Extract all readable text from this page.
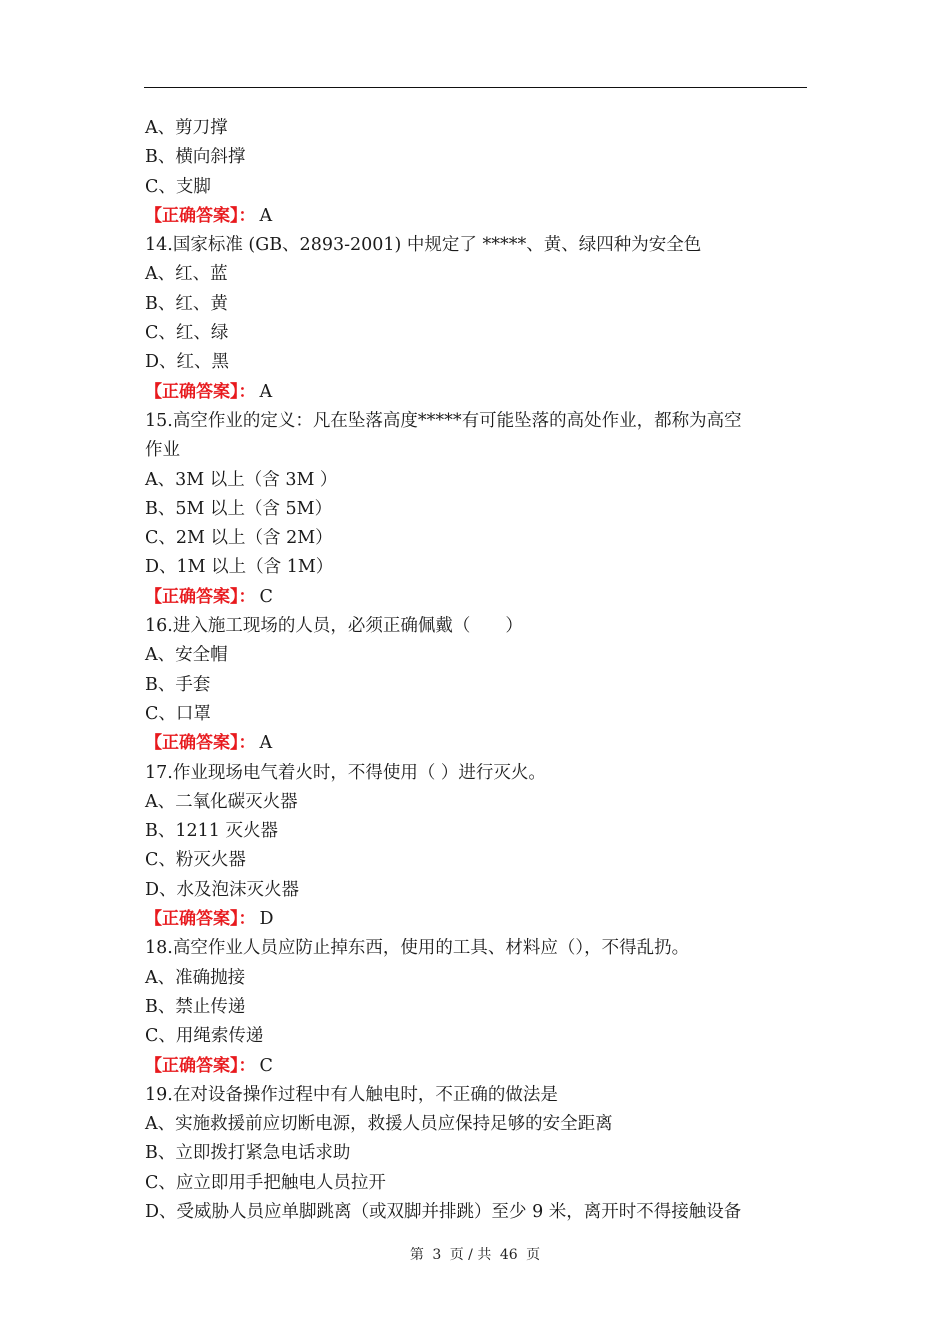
A、剪刀撑
B、横向斜撑
C、支脚
【正确答案】： A
14.国家标准 (GB、2893-2001) 中规定了 *****、黄、绿四种为安全色
A、红、蓝
B、红、黄
C、红、绿
D、红、黑
【正确答案】： A
15.高空作业的定义：凡在坠落高度*****有可能坠落的高处作业，都称为高空
作业
A、3M 以上（含 3M ）
B、5M 以上（含 5M）
C、2M 以上（含 2M）
D、1M 以上（含 1M）
【正确答案】： C
16.进入施工现场的人员，必须正确佩戴（　　）
A、安全帽
B、手套
C、口罩
【正确答案】： A
17.作业现场电气着火时，不得使用（ ）进行灭火。
A、二氧化碳灭火器
B、1211 灭火器
C、粉灭火器
D、水及泡沫灭火器
【正确答案】： D
18.高空作业人员应防止掉东西，使用的工具、材料应（），不得乱扔。
A、准确抛接
B、禁止传递
C、用绳索传递
【正确答案】： C
19.在对设备操作过程中有人触电时，不正确的做法是
A、实施救援前应切断电源，救援人员应保持足够的安全距离
B、立即拨打紧急电话求助
C、应立即用手把触电人员拉开
D、受威胁人员应单脚跳离（或双脚并排跳）至少 9 米，离开时不得接触设备
第 3 页 / 共 46 页
